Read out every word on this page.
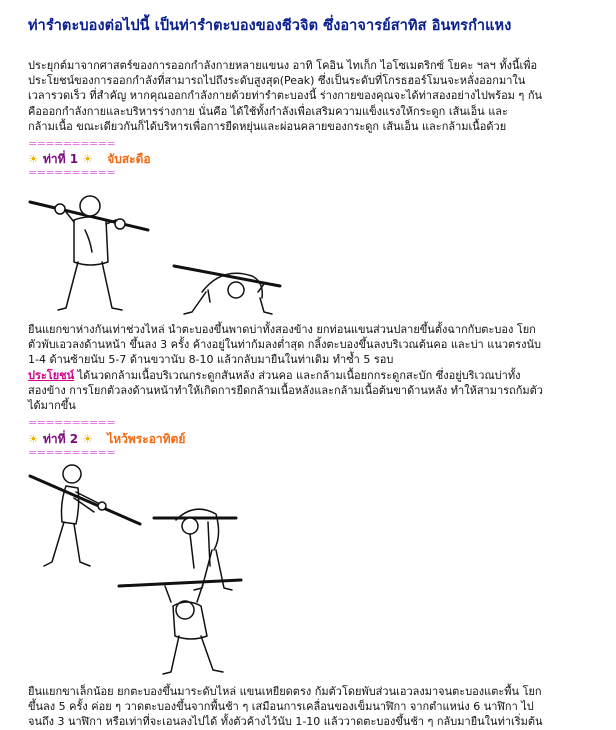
ท่ารำตะบองต่อไปนี้ เป็นท่ารำตะบองของชีวจิต ซึ่งอาจารย์สาทิส อินทรกำแหง
ประยุกต์มาจากศาสตร์ของการออกกำลังกายหลายแขนง อาทิ โคอิน ไทเก็ก ไอโซเมตริกซ์ โยคะ ฯลฯ ทั้งนี้เพื่อ
ประโยชน์ของการออกกำลังที่สามารถไปถึงระดับสูงสุด(Peak) ซึ่งเป็นระดับที่โกรธฮอร์โมนจะหลั่งออกมาใน
เวลารวดเร็ว ที่สำคัญ หากคุณออกกำลังกายด้วยท่ารำตะบองนี้ ร่างกายของคุณจะได้ท่าสองอย่างไปพร้อม ๆ กัน
คือออกกำลังกายและบริหารร่างกาย นั่นคือ ได้ใช้ทั้งกำลังเพื่อเสริมความแข็งแรงให้กระดูก เส้นเอ็น และ
กล้ามเนื้อ ขณะเดียวกันก็ได้บริหารเพื่อการยืดหยุ่นและผ่อนคลายของกระดูก เส้นเอ็น และกล้ามเนื้อด้วย
==========
☀ ท่าที่ 1 ☀ จับสะดือ
==========
ยืนแยกขาห่างกันเท่าช่วงไหล่ นำตะบองขึ้นพาดบ่าทั้งสองข้าง ยกท่อนแขนส่วนปลายขึ้นตั้งฉากกับตะบอง โยก
ตัวพับเอวลงด้านหน้า ขึ้นลง 3 ครั้ง ค้างอยู่ในท่าก้มลงต่ำสุด กลิ้งตะบองขึ้นลงบริเวณต้นคอ และบ่า แนวตรงนับ
1-4 ด้านซ้ายนับ 5-7 ด้านขวานับ 8-10 แล้วกลับมายืนในท่าเดิม ทำซ้ำ 5 รอบ
ประโยชน์ ได้นวดกล้ามเนื้อบริเวณกระดูกสันหลัง ส่วนคอ และกล้ามเนื้อยกกระดูกสะบัก ซึ่งอยู่บริเวณบ่าทั้ง
สองข้าง การโยกตัวลงด้านหน้าทำให้เกิดการยืดกล้ามเนื้อหลังและกล้ามเนื้อต้นขาด้านหลัง ทำให้สามารถก้มตัว
ได้มากขึ้น
==========
☀ ท่าที่ 2 ☀ ไหว้พระอาทิตย์
==========
ยืนแยกขาเล็กน้อย ยกตะบองขึ้นมาระดับไหล่ แขนเหยียดตรง ก้มตัวโดยพับส่วนเอวลงมาจนตะบองแตะพื้น โยก
ขึ้นลง 5 ครั้ง ค่อย ๆ วาดตะบองขึ้นจากพื้นช้า ๆ เสมือนการเคลื่อนของเข็มนาฬิกา จากตำแหน่ง 6 นาฬิกา ไป
จนถึง 3 นาฬิกา หรือเท่าที่จะเอนลงไปได้ ทั้งตัวค้างไว้นับ 1-10 แล้ววาดตะบองขึ้นช้า ๆ กลับมายืนในท่าเริ่มต้น
